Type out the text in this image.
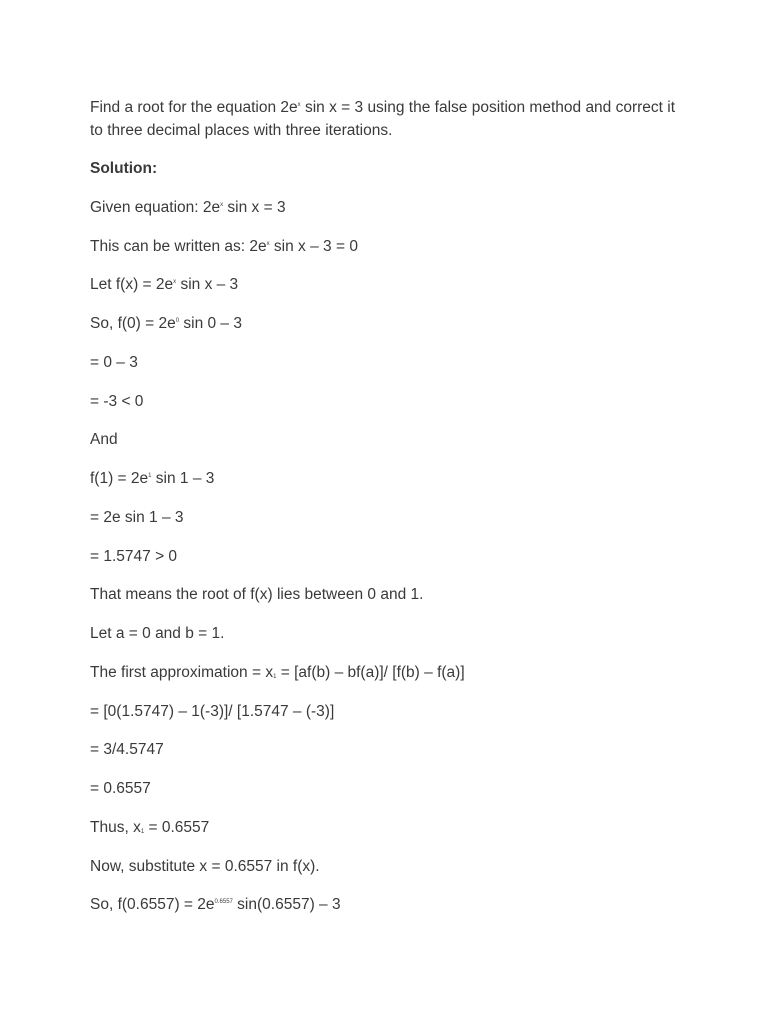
Find a root for the equation $2e^x$ sin x = 3 using the false position method and correct it to three decimal places with three iterations.

Solution:
Given equation: $2e^x$ sin x = 3
This can be written as: $2e^x$ sin x – 3 = 0
Let $f(x) = 2e^x$ sin x – 3
So, $f(0) = 2e^0$ sin 0 – 3
= 0 – 3
= -3 < 0
And
$f(1) = 2e^1$ sin 1 – 3
= 2e sin 1 – 3
= 1.5747 > 0
That means the root of f(x) lies between 0 and 1.
Let a = 0 and b = 1.
The first approximation = $x_1 = [af(b) - bf(a)]/$ [f(b) – f(a)]
= [0(1.5747) – 1(-3)]/ [1.5747 – (-3)]
= 3/4.5747
= 0.6557
Thus, $x_1 = 0.6557$
Now, substitute x = 0.6557 in f(x).
So, $f(0.6557) = 2e^{0.6557}$ sin(0.6557) – 3
